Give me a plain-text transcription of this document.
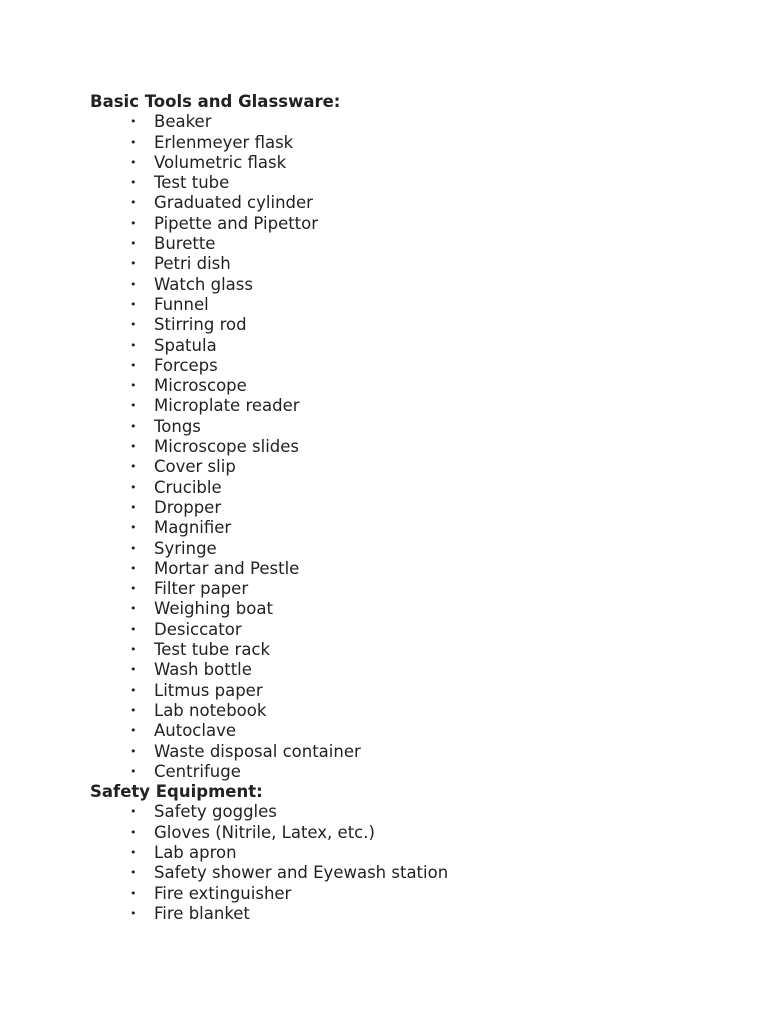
Basic Tools and Glassware:
• Beaker
• Erlenmeyer flask
• Volumetric flask
• Test tube
• Graduated cylinder
• Pipette and Pipettor
• Burette
• Petri dish
• Watch glass
• Funnel
• Stirring rod
• Spatula
• Forceps
• Microscope
• Microplate reader
• Tongs
• Microscope slides
• Cover slip
• Crucible
• Dropper
• Magnifier
• Syringe
• Mortar and Pestle
• Filter paper
• Weighing boat
• Desiccator
• Test tube rack
• Wash bottle
• Litmus paper
• Lab notebook
• Autoclave
• Waste disposal container
• Centrifuge
Safety Equipment:
• Safety goggles
• Gloves (Nitrile, Latex, etc.)
• Lab apron
• Safety shower and Eyewash station
• Fire extinguisher
• Fire blanket
